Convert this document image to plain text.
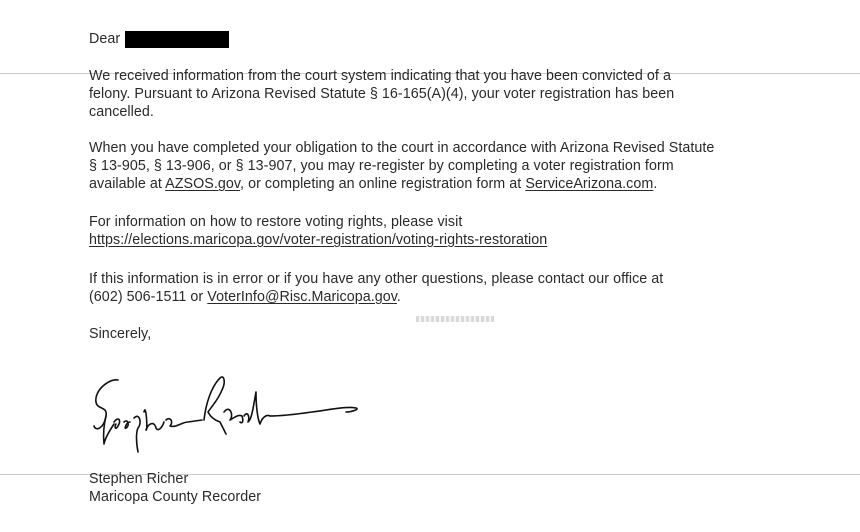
Dear
We received information from the court system indicating that you have been convicted of a
felony. Pursuant to Arizona Revised Statute § 16-165(A)(4), your voter registration has been
cancelled.
When you have completed your obligation to the court in accordance with Arizona Revised Statute
§ 13-905, § 13-906, or § 13-907, you may re-register by completing a voter registration form
available at AZSOS.gov, or completing an online registration form at ServiceArizona.com.
For information on how to restore voting rights, please visit
https://elections.maricopa.gov/voter-registration/voting-rights-restoration
If this information is in error or if you have any other questions, please contact our office at
(602) 506-1511 or VoterInfo@Risc.Maricopa.gov.
Sincerely,
Stephen Richer
Maricopa County Recorder
